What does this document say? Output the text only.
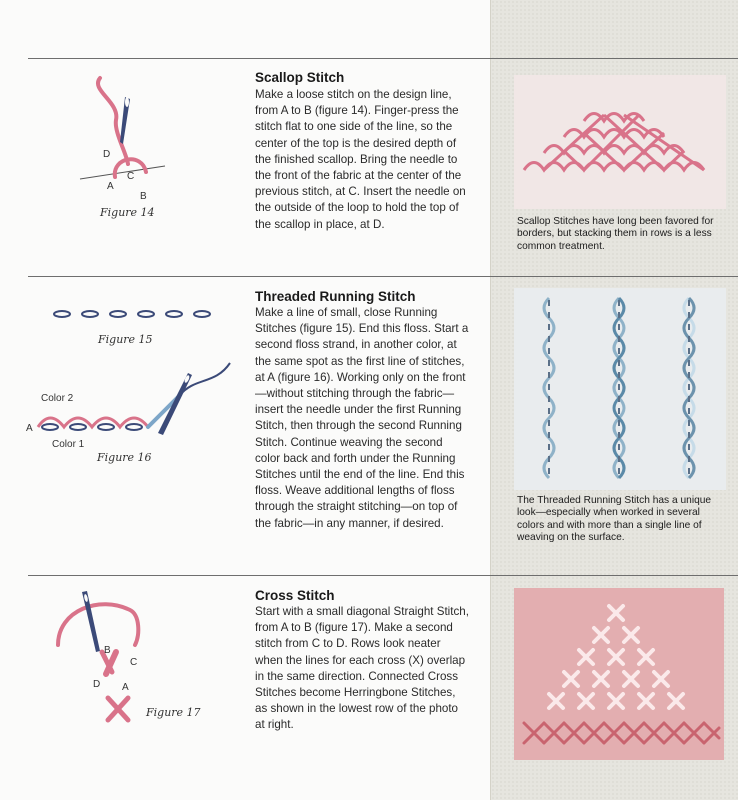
Scallop Stitch
Make a loose stitch on the design line, from A to B (figure 14). Finger-press the stitch flat to one side of the line, so the center of the top is the desired depth of the finished scallop. Bring the needle to the front of the fabric at the center of the previous stitch, at C. Insert the needle on the outside of the loop to hold the top of the scallop in place, at D.
D
C
A
B
Figure 14
Scallop Stitches have long been favored for borders, but stacking them in rows is a less common treatment.
Threaded Running Stitch
Make a line of small, close Running Stitches (figure 15). End this floss. Start a second floss strand, in another color, at the same spot as the first line of stitches, at A (figure 16). Working only on the front—without stitching through the fabric—insert the needle under the first Running Stitch, then through the second Running Stitch. Continue weaving the second color back and forth under the Running Stitches until the end of the line. End this floss. Weave additional lengths of floss through the straight stitching—on top of the fabric—in any manner, if desired.
Figure 15
Color 2
A
Color 1
Figure 16
The Threaded Running Stitch has a unique look—especially when worked in several colors and with more than a single line of weaving on the surface.
Cross Stitch
Start with a small diagonal Straight Stitch, from A to B (figure 17). Make a second stitch from C to D. Rows look neater when the lines for each cross (X) overlap in the same direction. Connected Cross Stitches become Herringbone Stitches, as shown in the lowest row of the photo at right.
B
C
D A
Figure 17
